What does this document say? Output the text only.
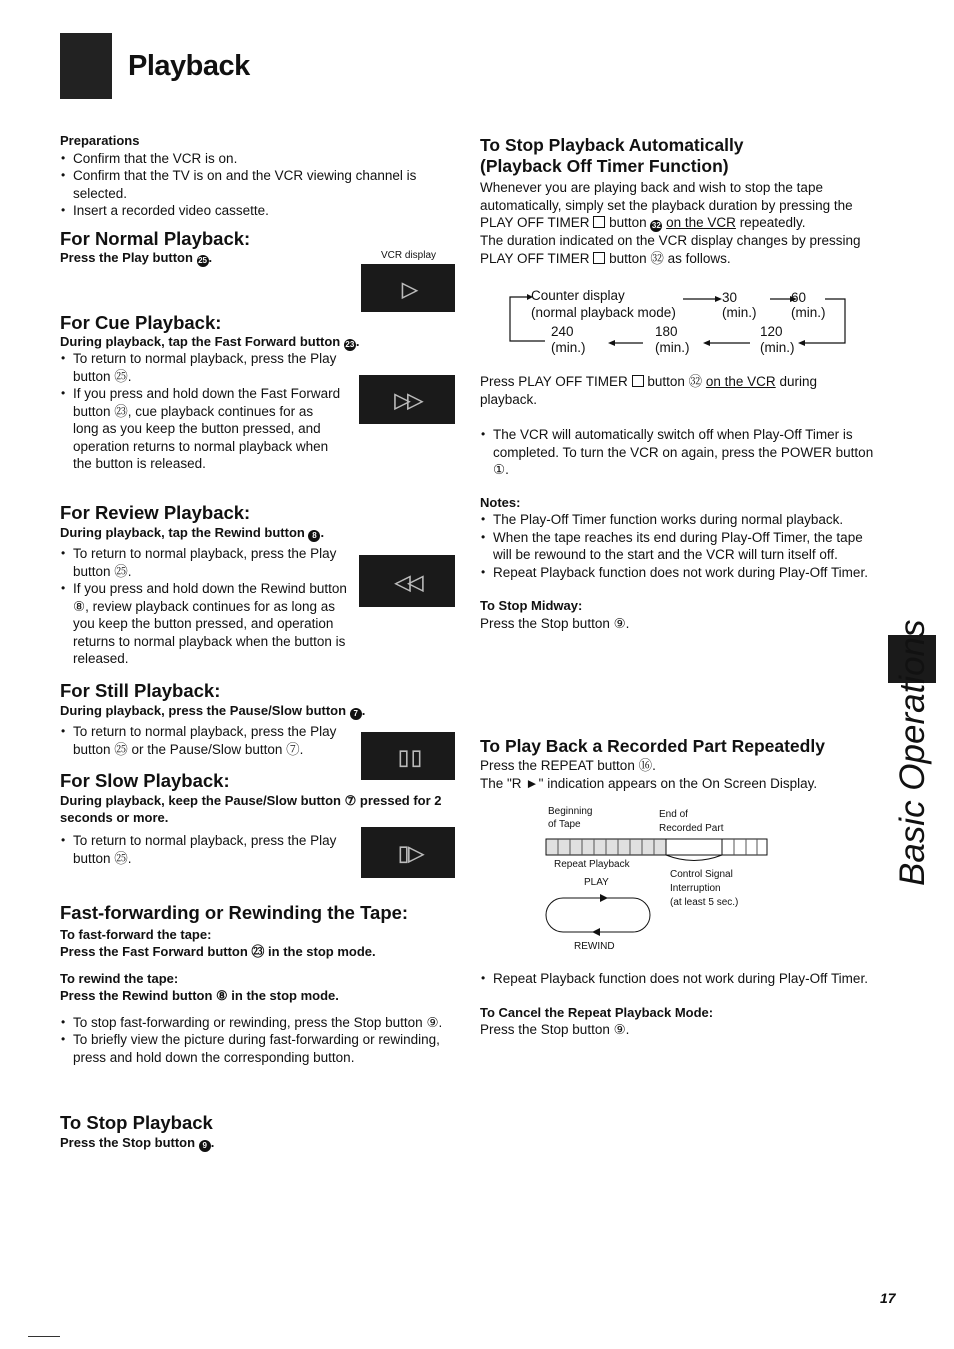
Playback
Preparations
• Confirm that the VCR is on.
• Confirm that the TV is on and the VCR viewing channel is selected.
• Insert a recorded video cassette.
For Normal Playback:
Press the Play button 25 .	VCR display
▷
For Cue Playback:
During playback, tap the Fast Forward button 23 .
• To return to normal playback, press the Play button ㉕.
• If you press and hold down the Fast Forward button ㉓, cue playback continues for as long as you keep the button pressed, and operation returns to normal playback when the button is released.
▷▷
For Review Playback:
During playback, tap the Rewind button 8 .
• To return to normal playback, press the Play button ㉕.
• If you press and hold down the Rewind button ⑧, review playback continues for as long as you keep the button pressed, and operation returns to normal playback when the button is released.
◁◁
For Still Playback:
During playback, press the Pause/Slow button 7 .
• To return to normal playback, press the Play button ㉕ or the Pause/Slow button ⑦.	▯▯
For Slow Playback:
During playback, keep the Pause/Slow button ⑦ pressed for 2 seconds or more.
• To return to normal playback, press the Play button ㉕.	▯▷
Fast-forwarding or Rewinding the Tape:
To fast-forward the tape:
Press the Fast Forward button ㉓ in the stop mode.
To rewind the tape:
Press the Rewind button ⑧ in the stop mode.
• To stop fast-forwarding or rewinding, press the Stop button ⑨.
• To briefly view the picture during fast-forwarding or rewinding, press and hold down the corresponding button.
To Stop Playback
Press the Stop button 9 .
To Stop Playback Automatically
(Playback Off Timer Function)
Whenever you are playing back and wish to stop the tape automatically, simply set the playback duration by pressing the PLAY OFF TIMER button 32 on the VCR repeatedly.
The duration indicated on the VCR display changes by pressing PLAY OFF TIMER button ㉜ as follows.
Counter display
(normal playback mode)
30
(min.)
60
(min.)
240
(min.)
180
(min.)
120
(min.)
Press PLAY OFF TIMER button ㉜ on the VCR during playback.
• The VCR will automatically switch off when Play-Off Timer is completed. To turn the VCR on again, press the POWER button ①.
Notes:
• The Play-Off Timer function works during normal playback.
• When the tape reaches its end during Play-Off Timer, the tape will be rewound to the start and the VCR will turn itself off.
• Repeat Playback function does not work during Play-Off Timer.
To Stop Midway:
Press the Stop button ⑨.
To Play Back a Recorded Part Repeatedly
Press the REPEAT button ⑯.
The "R ►" indication appears on the On Screen Display.
Beginning
of Tape
End of
Recorded Part
Repeat Playback
PLAY
REWIND
Control Signal
Interruption
(at least 5 sec.)
• Repeat Playback function does not work during Play-Off Timer.
To Cancel the Repeat Playback Mode:
Press the Stop button ⑨.
Basic Operations
17
